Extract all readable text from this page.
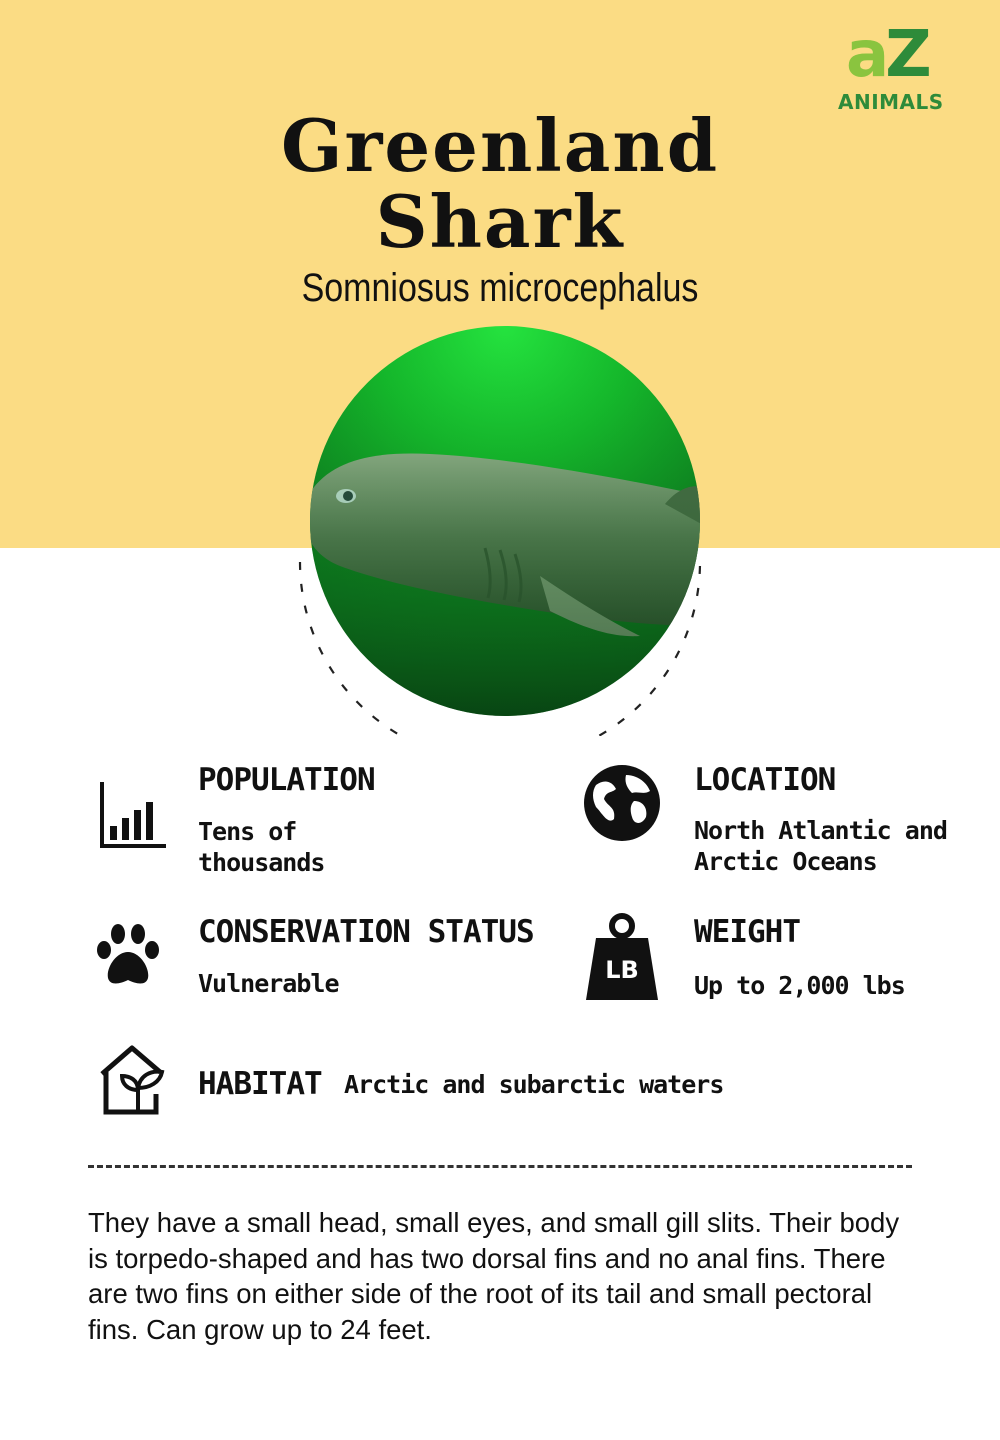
aZ
ANIMALS
Greenland
Shark
Somniosus microcephalus
POPULATION
Tens of thousands
LOCATION
North Atlantic and Arctic Oceans
CONSERVATION STATUS
Vulnerable	LB
WEIGHT
Up to 2,000 lbs
HABITAT Arctic and subarctic waters
They have a small head, small eyes, and small gill slits. Their body is torpedo-shaped and has two dorsal fins and no anal fins. There are two fins on either side of the root of its tail and small pectoral fins. Can grow up to 24 feet.
